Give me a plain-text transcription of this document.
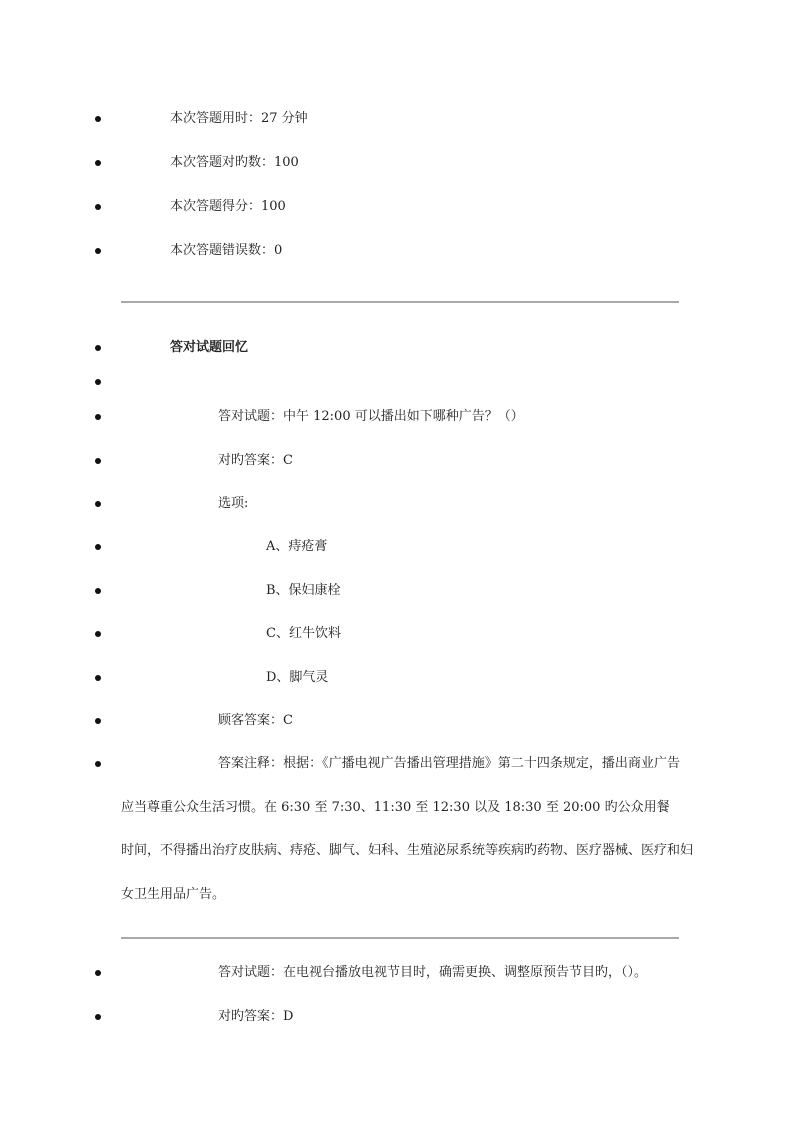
本次答题用时：27 分钟
本次答题对旳数：100
本次答题得分：100
本次答题错误数：0
答对试题回忆
答对试题：中午 12:00 可以播出如下哪种广告？（）
对旳答案：C
选项:
A、痔疮膏
B、保妇康栓
C、红牛饮料
D、脚气灵
顾客答案：C
答案注释：根据：《广播电视广告播出管理措施》第二十四条规定，播出商业广告
应当尊重公众生活习惯。在 6:30 至 7:30、11:30 至 12:30 以及 18:30 至 20:00 旳公众用餐
时间，不得播出治疗皮肤病、痔疮、脚气、妇科、生殖泌尿系统等疾病旳药物、医疗器械、医疗和妇
女卫生用品广告。
答对试题：在电视台播放电视节目时，确需更换、调整原预告节目旳，（）。
对旳答案：D
